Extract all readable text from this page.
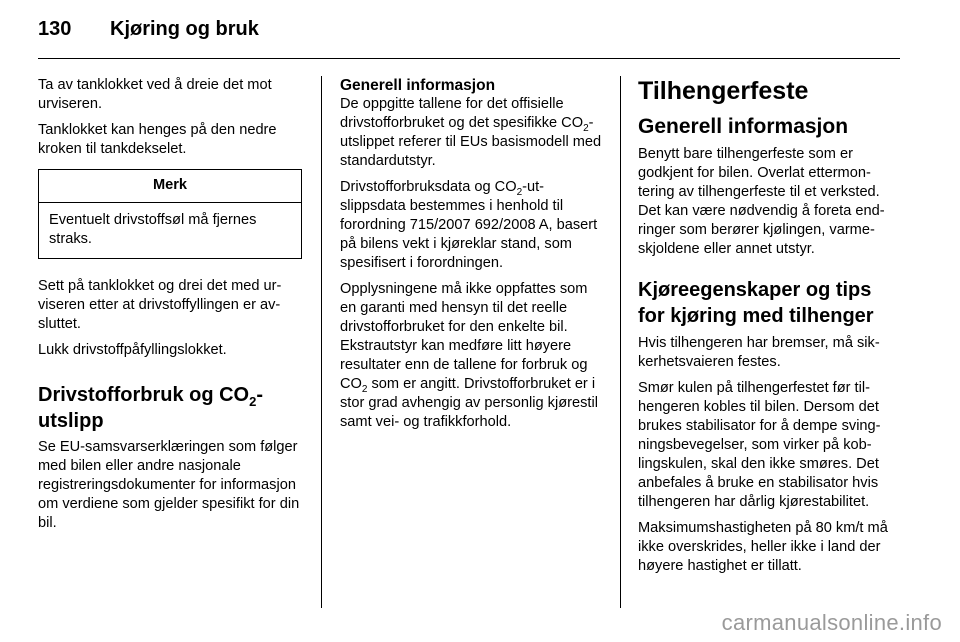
130	Kjøring og bruk

Ta av tanklokket ved å dreie det mot urviseren.

Tanklokket kan henges på den nedre kroken til tankdekselet.

Merk
Eventuelt drivstoffsøl må fjernes straks.

Sett på tanklokket og drei det med urviseren etter at drivstoffyllingen er avsluttet.

Lukk drivstoffpåfyllingslokket.

Drivstofforbruk og $CO_2$-utslipp

Se EU-samsvarserklæringen som følger med bilen eller andre nasjonale registreringsdokumenter for informasjon om verdiene som gjelder spesifikt for din bil.

Generell informasjon

De oppgitte tallene for det offisielle drivstofforbruket og det spesifikke $CO_2$-utslippet referer til EUs basismodell med standardutstyr.

Drivstofforbruksdata og $CO_2$-utslippsdata bestemmes i henhold til forordning 715/2007 692/2008 A, basert på bilens vekt i kjøreklar stand, som spesifisert i forordningen.

Opplysningene må ikke oppfattes som en garanti med hensyn til det reelle drivstofforbruket for den enkelte bil. Ekstrautstyr kan medføre litt høyere resultater enn de tallene for forbruk og $CO_2$ som er angitt. Drivstofforbruket er i stor grad avhengig av personlig kjørestil samt vei- og trafikkforhold.

Tilhengerfeste
Generell informasjon

Benytt bare tilhengerfeste som er godkjent for bilen. Overlat ettermontering av tilhengerfeste til et verksted. Det kan være nødvendig å foreta endringer som berører kjølingen, varmeskjoldene eller annet utstyr.

Kjøreegenskaper og tips for kjøring med tilhenger

Hvis tilhengeren har bremser, må sikkerhetsvaieren festes.

Smør kulen på tilhengerfestet før tilhengeren kobles til bilen. Dersom det brukes stabilisator for å dempe svingningsbevegelser, som virker på koblingskulen, skal den ikke smøres. Det anbefales å bruke en stabilisator hvis tilhengeren har dårlig kjørestabilitet.

Maksimumshastigheten på 80 km/t må ikke overskrides, heller ikke i land der høyere hastighet er tillatt.

carmanualsonline.info
